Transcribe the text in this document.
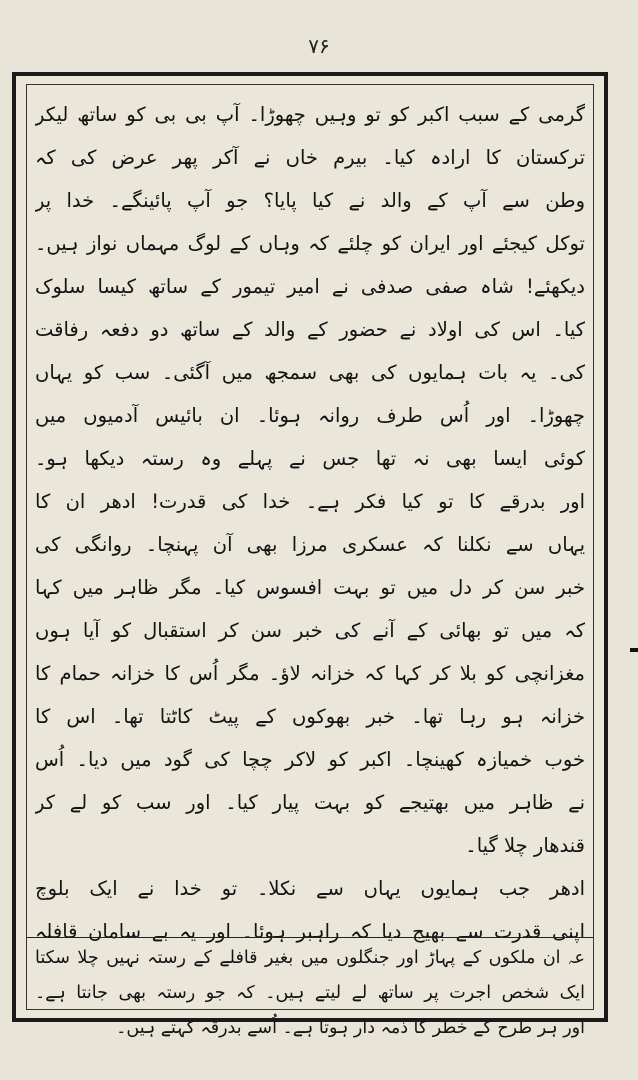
۷۶
گرمی کے سبب اکبر کو تو وہیں چھوڑا۔ آپ بی بی کو ساتھ لیکر
ترکستان کا ارادہ کیا۔ بیرم خاں نے آکر پھر عرض کی کہ
وطن سے آپ کے والد نے کیا پایا؟ جو آپ پائینگے۔ خدا پر
توکل کیجئے اور ایران کو چلئے کہ وہاں کے لوگ مہماں نواز ہیں۔
دیکھئے! شاہ صفی صدفی نے امیر تیمور کے ساتھ کیسا سلوک
کیا۔ اس کی اولاد نے حضور کے والد کے ساتھ دو دفعہ رفاقت
کی۔ یہ بات ہمایوں کی بھی سمجھ میں آگئی۔ سب کو یہاں
چھوڑا۔ اور اُس طرف روانہ ہوئا۔ ان بائیس آدمیوں میں
کوئی ایسا بھی نہ تھا جس نے پہلے وہ رستہ دیکھا ہو۔
اور بدرقے کا تو کیا فکر ہے۔ خدا کی قدرت! ادھر ان کا
یہاں سے نکلنا کہ عسکری مرزا بھی آن پہنچا۔ روانگی کی
خبر سن کر دل میں تو بہت افسوس کیا۔ مگر ظاہر میں کہا
کہ میں تو بھائی کے آنے کی خبر سن کر استقبال کو آیا ہوں
مغزانچی کو بلا کر کہا کہ خزانہ لاؤ۔ مگر اُس کا خزانہ حمام کا
خزانہ ہو رہا تھا۔ خبر بھوکوں کے پیٹ کاٹتا تھا۔ اس کا
خوب خمیازہ کھینچا۔ اکبر کو لاکر چچا کی گود میں دیا۔ اُس
نے ظاہر میں بھتیجے کو بہت پیار کیا۔ اور سب کو لے کر
قندھار چلا گیا۔
ادھر جب ہمایوں یہاں سے نکلا۔ تو خدا نے ایک بلوچ
اپنی قدرت سے بھیج دیا کہ راہبر ہوئا۔ اور یہ بے سامان قافلہ
ﻋﮧ ان ملکوں کے پہاڑ اور جنگلوں میں بغیر قافلے کے رستہ نہیں چلا سکتا
ایک شخص اجرت پر ساتھ لے لیتے ہیں۔ کہ جو رستہ بھی جانتا ہے۔
اور ہر طرح کے خطر کا ذمہ دار ہوتا ہے۔ اُسے بدرقہ کہتے ہیں۔
